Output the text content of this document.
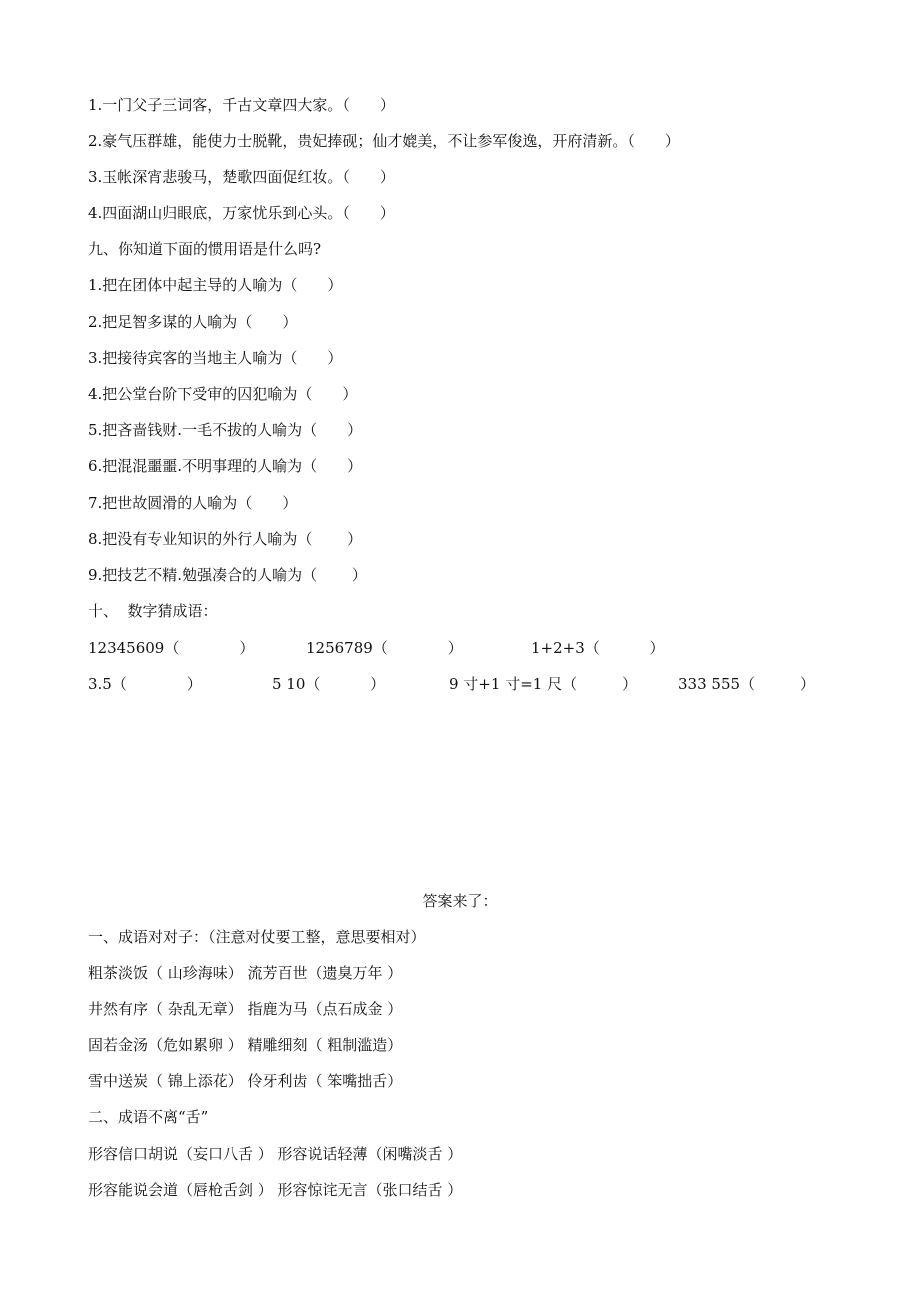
1.一门父子三词客，千古文章四大家。（　　）
2.豪气压群雄，能使力士脱靴，贵妃捧砚；仙才媲美，不让参军俊逸，开府清新。（　　）
3.玉帐深宵悲骏马，楚歌四面促红妆。（　　）
4.四面湖山归眼底，万家忧乐到心头。（　　）
九、你知道下面的惯用语是什么吗?
1.把在团体中起主导的人喻为（　　）
2.把足智多谋的人喻为（　　）
3.把接待宾客的当地主人喻为（　　）
4.把公堂台阶下受审的囚犯喻为（　　）
5.把吝啬钱财.一毛不拔的人喻为（　　）
6.把混混噩噩.不明事理的人喻为（　　）
7.把世故圆滑的人喻为（　　）
8.把没有专业知识的外行人喻为（　　 ）
9.把技艺不精.勉强凑合的人喻为（　　 ）
十、  数字猜成语：
12345609（　　　　）	1256789（　　　　）	1+2+3（　　　 ）
3.5（　　　　）	5 10（　　　 ）	9 寸+1 寸=1 尺（　　　）	333 555（　　　）
答案来了：
一、成语对对子：（注意对仗要工整，意思要相对）
粗茶淡饭（ 山珍海味） 流芳百世（遗臭万年 ）
井然有序（ 杂乱无章） 指鹿为马（点石成金 ）
固若金汤（危如累卵 ） 精雕细刻（ 粗制滥造）
雪中送炭（ 锦上添花） 伶牙利齿（ 笨嘴拙舌）
二、成语不离“舌”
形容信口胡说（妄口八舌 ） 形容说话轻薄（闲嘴淡舌 ）
形容能说会道（唇枪舌剑 ） 形容惊诧无言（张口结舌 ）
